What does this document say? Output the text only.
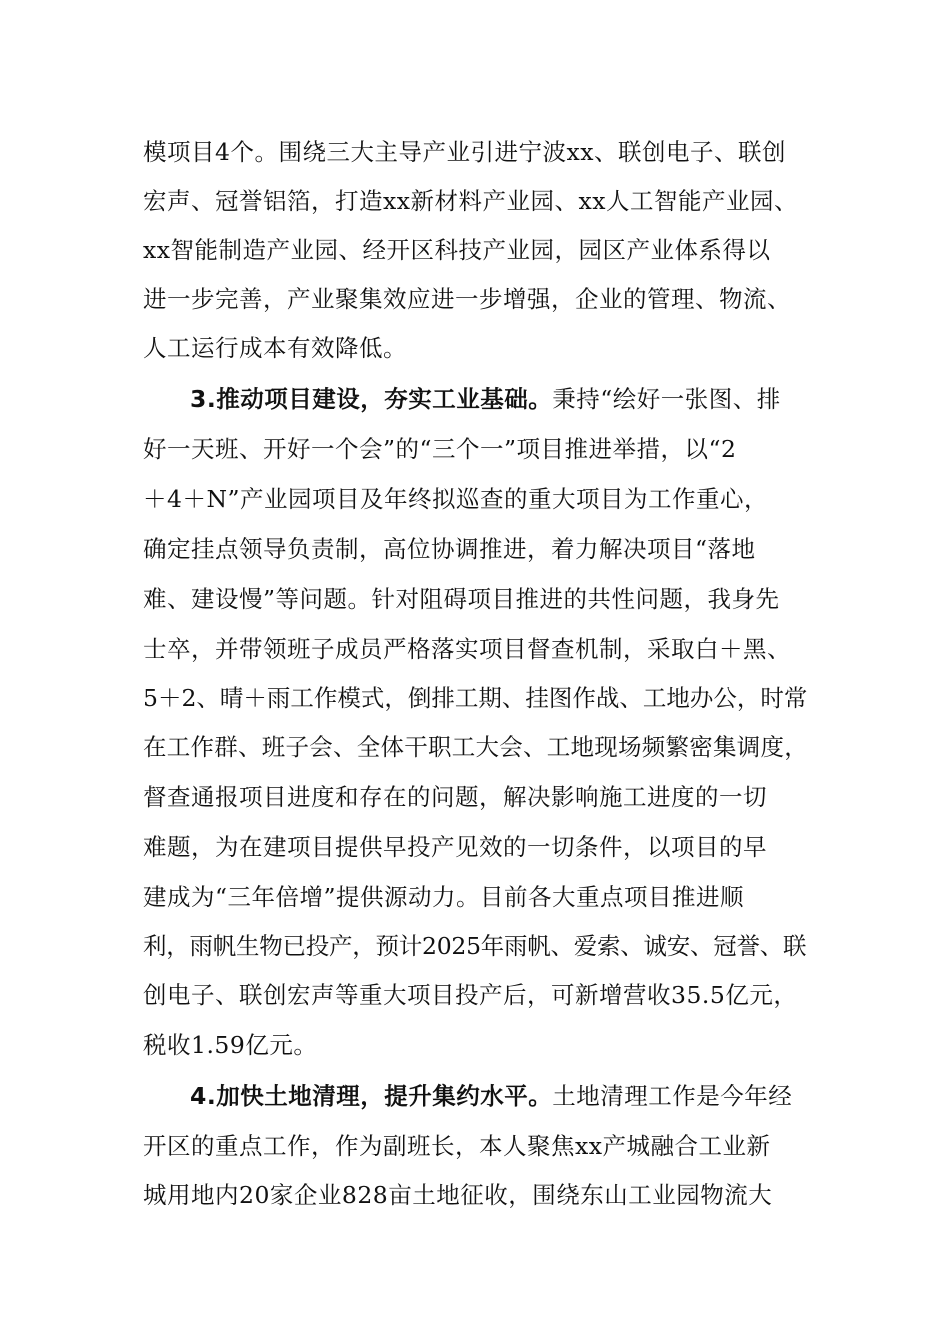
模项目4个。围绕三大主导产业引进宁波xx、联创电子、联创
宏声、冠誉铝箔，打造xx新材料产业园、xx人工智能产业园、
xx智能制造产业园、经开区科技产业园，园区产业体系得以
进一步完善，产业聚集效应进一步增强，企业的管理、物流、
人工运行成本有效降低。
3.推动项目建设，夯实工业基础。秉持“绘好一张图、排
好一天班、开好一个会”的“三个一”项目推进举措，以“2
＋4＋N”产业园项目及年终拟巡查的重大项目为工作重心，
确定挂点领导负责制，高位协调推进，着力解决项目“落地
难、建设慢”等问题。针对阻碍项目推进的共性问题，我身先
士卒，并带领班子成员严格落实项目督查机制，采取白＋黑、
5＋2、晴＋雨工作模式，倒排工期、挂图作战、工地办公，时常
在工作群、班子会、全体干职工大会、工地现场频繁密集调度，
督查通报项目进度和存在的问题，解决影响施工进度的一切
难题，为在建项目提供早投产见效的一切条件，以项目的早
建成为“三年倍增”提供源动力。目前各大重点项目推进顺
利，雨帆生物已投产，预计2025年雨帆、爱索、诚安、冠誉、联
创电子、联创宏声等重大项目投产后，可新增营收35.5亿元，
税收1.59亿元。
4.加快土地清理，提升集约水平。土地清理工作是今年经
开区的重点工作，作为副班长，本人聚焦xx产城融合工业新
城用地内20家企业828亩土地征收，围绕东山工业园物流大
